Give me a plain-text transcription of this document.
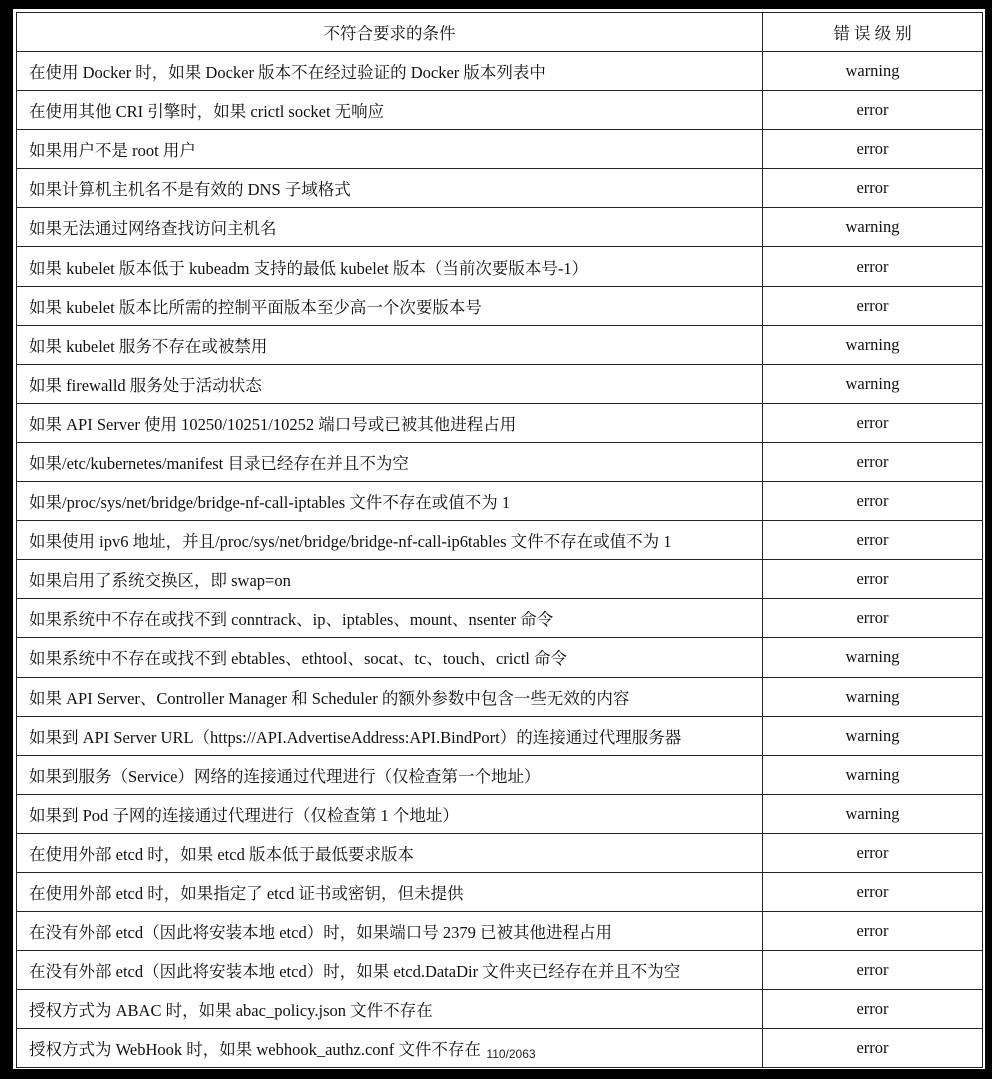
不符合要求的条件	错 误 级 别
在使用 Docker 时，如果 Docker 版本不在经过验证的 Docker 版本列表中	warning
在使用其他 CRI 引擎时，如果 crictl socket 无响应	error
如果用户不是 root 用户	error
如果计算机主机名不是有效的 DNS 子域格式	error
如果无法通过网络查找访问主机名	warning
如果 kubelet 版本低于 kubeadm 支持的最低 kubelet 版本（当前次要版本号-1）	error
如果 kubelet 版本比所需的控制平面版本至少高一个次要版本号	error
如果 kubelet 服务不存在或被禁用	warning
如果 firewalld 服务处于活动状态	warning
如果 API Server 使用 10250/10251/10252 端口号或已被其他进程占用	error
如果/etc/kubernetes/manifest 目录已经存在并且不为空	error
如果/proc/sys/net/bridge/bridge-nf-call-iptables 文件不存在或值不为 1	error
如果使用 ipv6 地址，并且/proc/sys/net/bridge/bridge-nf-call-ip6tables 文件不存在或值不为 1	error
如果启用了系统交换区，即 swap=on	error
如果系统中不存在或找不到 conntrack、ip、iptables、mount、nsenter 命令	error
如果系统中不存在或找不到 ebtables、ethtool、socat、tc、touch、crictl 命令	warning
如果 API Server、Controller Manager 和 Scheduler 的额外参数中包含一些无效的内容	warning
如果到 API Server URL（https://API.AdvertiseAddress:API.BindPort）的连接通过代理服务器	warning
如果到服务（Service）网络的连接通过代理进行（仅检查第一个地址）	warning
如果到 Pod 子网的连接通过代理进行（仅检查第 1 个地址）	warning
在使用外部 etcd 时，如果 etcd 版本低于最低要求版本	error
在使用外部 etcd 时，如果指定了 etcd 证书或密钥，但未提供	error
在没有外部 etcd（因此将安装本地 etcd）时，如果端口号 2379 已被其他进程占用	error
在没有外部 etcd（因此将安装本地 etcd）时，如果 etcd.DataDir 文件夹已经存在并且不为空	error
授权方式为 ABAC 时，如果 abac_policy.json 文件不存在	error
授权方式为 WebHook 时，如果 webhook_authz.conf 文件不存在	error
110/2063
